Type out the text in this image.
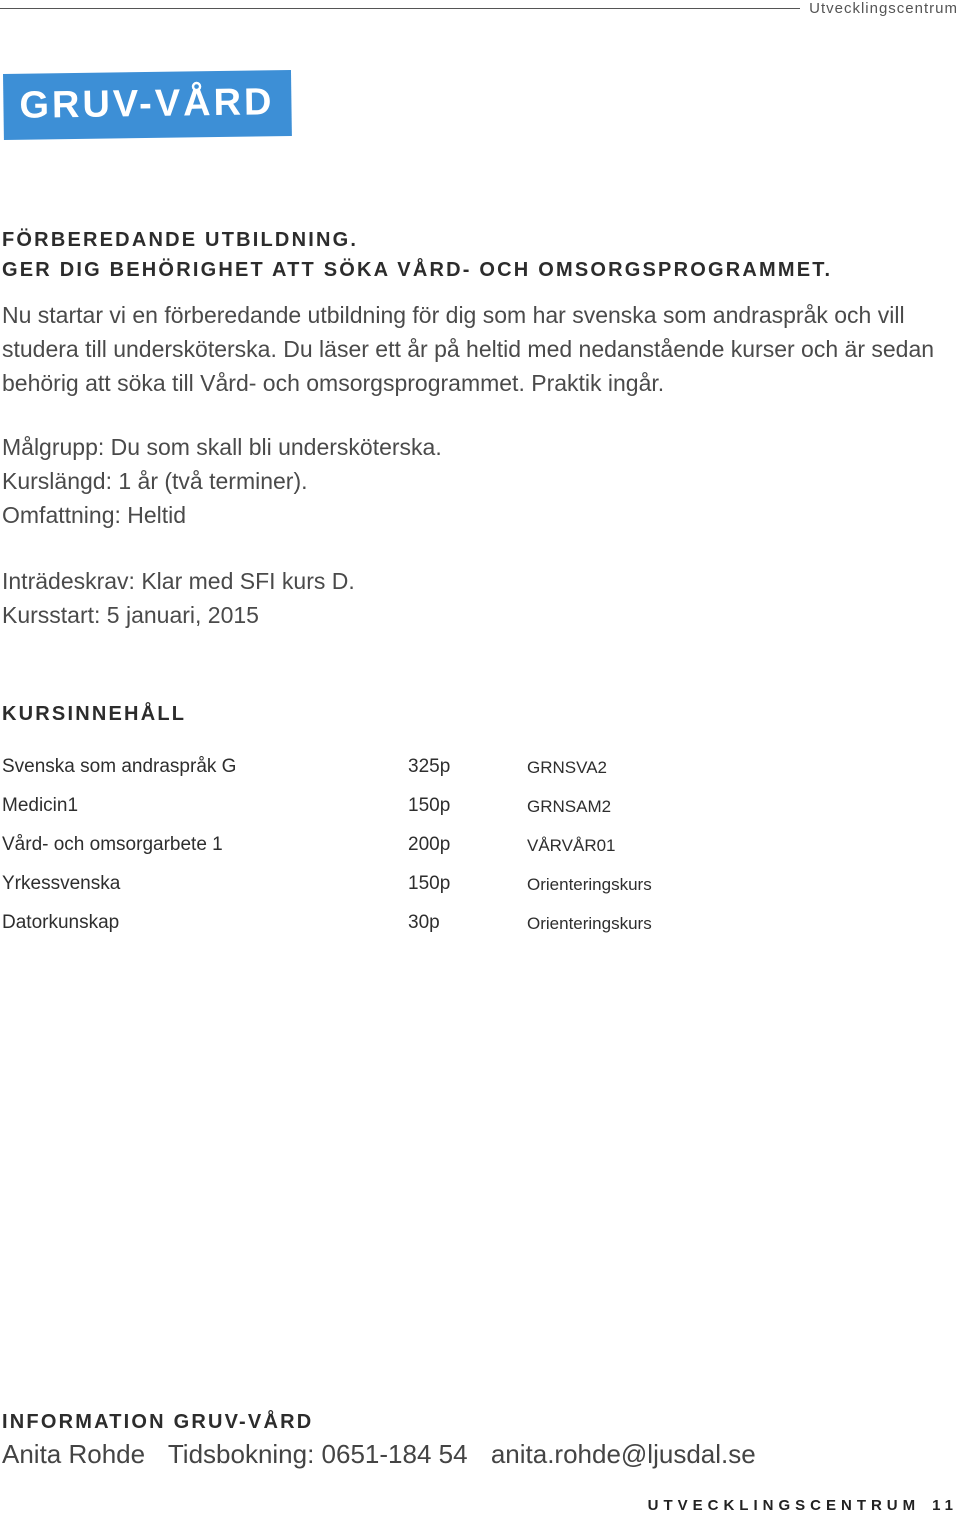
Utvecklingscentrum
GRUV-VÅRD
FÖRBEREDANDE UTBILDNING.
GER DIG BEHÖRIGHET ATT SÖKA VÅRD- OCH OMSORGSPROGRAMMET.

Nu startar vi en förberedande utbildning för dig som har svenska som andraspråk och vill studera till undersköterska. Du läser ett år på heltid med nedanstående kurser och är sedan behörig att söka till Vård- och omsorgsprogrammet. Praktik ingår.

Målgrupp: Du som skall bli undersköterska.
Kurslängd: 1 år (två terminer).
Omfattning: Heltid
Inträdeskrav: Klar med SFI kurs D.
Kursstart: 5 januari, 2015
KURSINNEHÅLL
Svenska som andraspråk G	325p	GRNSVA2
Medicin1	150p	GRNSAM2
Vård- och omsorgarbete 1	200p	VÅRVÅR01
Yrkessvenska	150p	Orienteringskurs
Datorkunskap	30p	Orienteringskurs
INFORMATION GRUV-VÅRD
Anita Rohde Tidsbokning: 0651-184 54 anita.rohde@ljusdal.se
UTVECKLINGSCENTRUM 11
